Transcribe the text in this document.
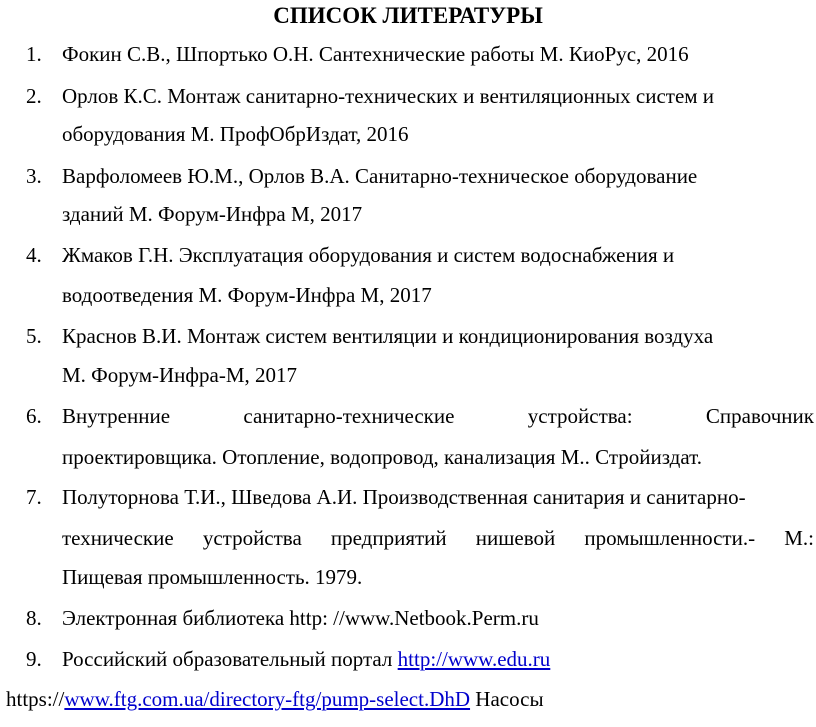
СПИСОК ЛИТЕРАТУРЫ
1. Фокин С.В., Шпортько О.Н. Сантехнические работы М. КиоРус, 2016
2. Орлов К.С. Монтаж санитарно-технических и вентиляционных систем и
оборудования М. ПрофОбрИздат, 2016
3. Варфоломеев Ю.М., Орлов В.А. Санитарно-техническое оборудование
зданий М. Форум-Инфра М, 2017
4. Жмаков Г.Н. Эксплуатация оборудования и систем водоснабжения и
водоотведения М. Форум-Инфра М, 2017
5. Краснов В.И. Монтаж систем вентиляции и кондиционирования воздуха
М. Форум-Инфра-М, 2017
6. Внутренние	санитарно-технические	устройства:	Справочник
проектировщика. Отопление, водопровод, канализация М.. Стройиздат.
7. Полуторнова Т.И., Шведова А.И. Производственная санитария и санитарно-
технические устройства предприятий нишевой промышленности.- М.:
Пищевая промышленность. 1979.
8. Электронная библиотека http: //www.Netbook.Perm.ru
9. Российский образовательный портал http://www.edu.ru
https://www.ftg.com.ua/directory-ftg/pump-select.DhD Насосы
